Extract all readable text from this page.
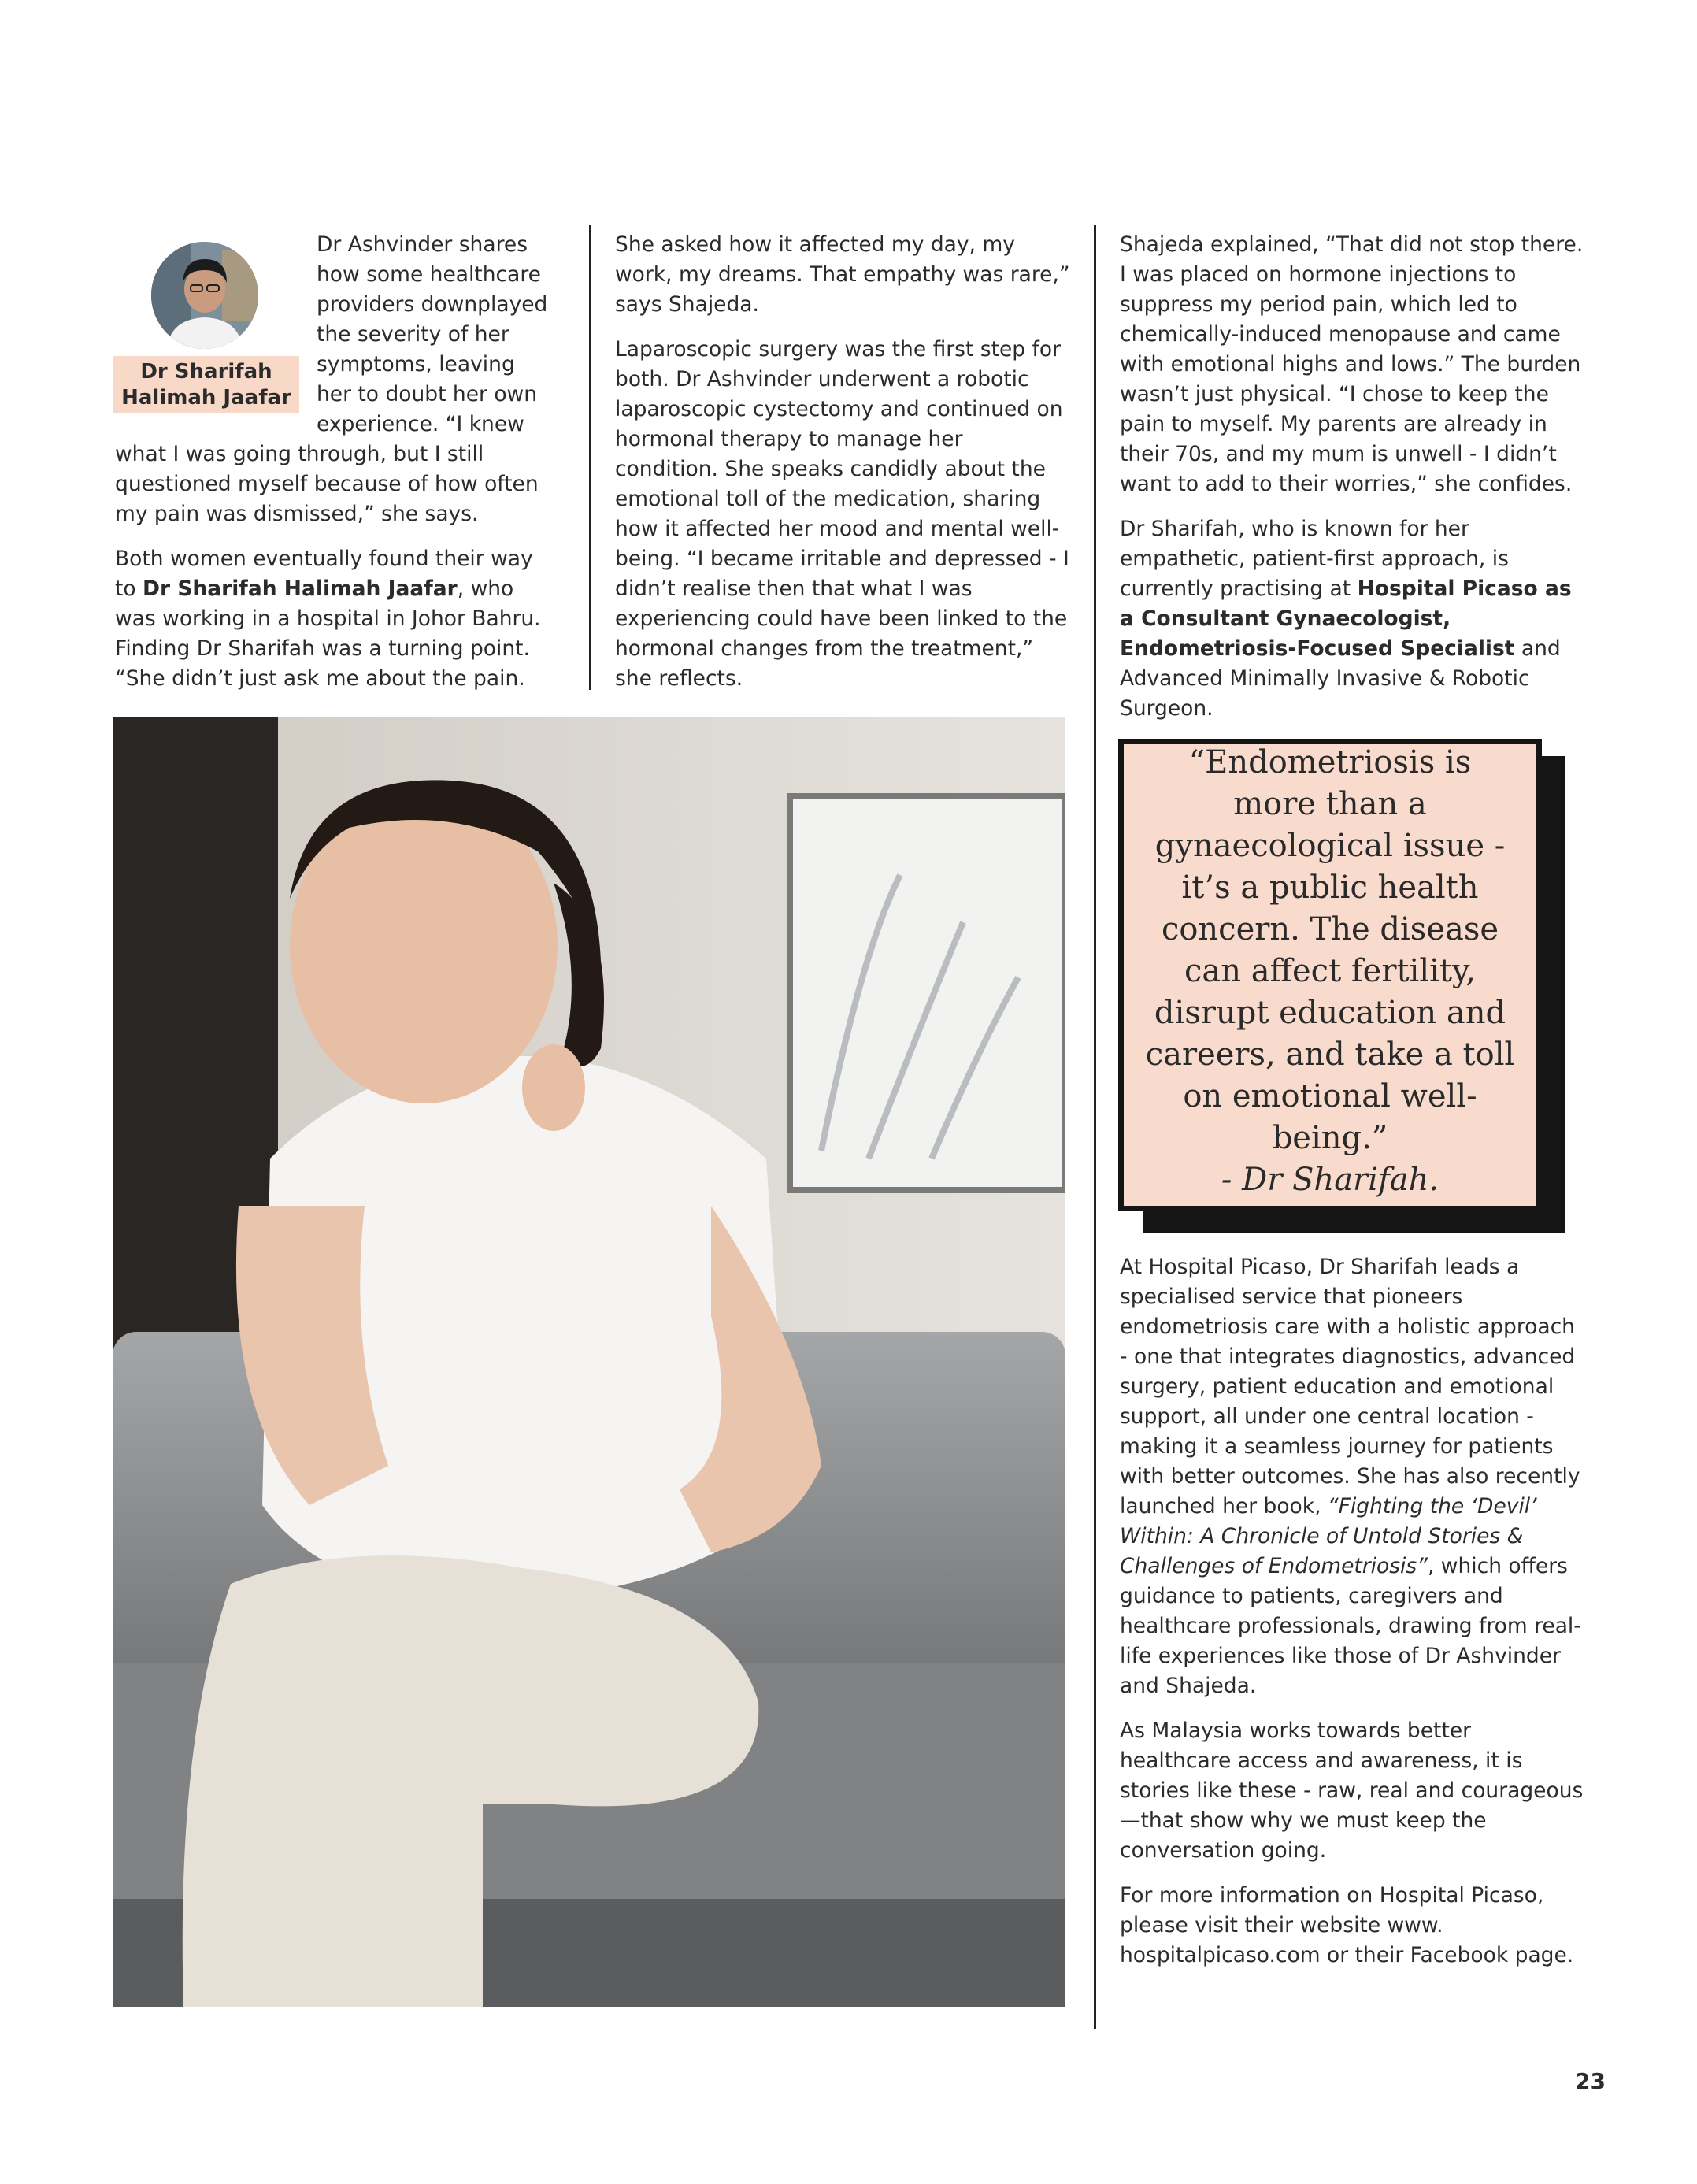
Dr Sharifah
Halimah Jaafar

Dr Ashvinder shares how some healthcare providers downplayed the severity of her symptoms, leaving her to doubt her own experience. “I knew what I was going through, but I still questioned myself because of how often my pain was dismissed,” she says.

Both women eventually found their way to Dr Sharifah Halimah Jaafar, who was working in a hospital in Johor Bahru. Finding Dr Sharifah was a turning point. “She didn’t just ask me about the pain.

She asked how it affected my day, my work, my dreams. That empathy was rare,” says Shajeda.

Laparoscopic surgery was the first step for both. Dr Ashvinder underwent a robotic laparoscopic cystectomy and continued on hormonal therapy to manage her condition. She speaks candidly about the emotional toll of the medication, sharing how it affected her mood and mental well-being. “I became irritable and depressed - I didn’t realise then that what I was experiencing could have been linked to the hormonal changes from the treatment,” she reflects.

Shajeda explained, “That did not stop there. I was placed on hormone injections to suppress my period pain, which led to chemically-induced menopause and came with emotional highs and lows.” The burden wasn’t just physical. “I chose to keep the pain to myself. My parents are already in their 70s, and my mum is unwell - I didn’t want to add to their worries,” she confides.

Dr Sharifah, who is known for her empathetic, patient-first approach, is currently practising at Hospital Picaso as a Consultant Gynaecologist, Endometriosis-Focused Specialist and Advanced Minimally Invasive & Robotic Surgeon.

“Endometriosis is more than a gynaecological issue - it’s a public health concern. The disease can affect fertility, disrupt education and careers, and take a toll on emotional well-being.”
- Dr Sharifah.

At Hospital Picaso, Dr Sharifah leads a specialised service that pioneers endometriosis care with a holistic approach - one that integrates diagnostics, advanced surgery, patient education and emotional support, all under one central location - making it a seamless journey for patients with better outcomes. She has also recently launched her book, “Fighting the ‘Devil’ Within: A Chronicle of Untold Stories & Challenges of Endometriosis”, which offers guidance to patients, caregivers and healthcare professionals, drawing from real-life experiences like those of Dr Ashvinder and Shajeda.

As Malaysia works towards better healthcare access and awareness, it is stories like these - raw, real and courageous—that show why we must keep the conversation going.

For more information on Hospital Picaso, please visit their website www. hospitalpicaso.com or their Facebook page.

23
